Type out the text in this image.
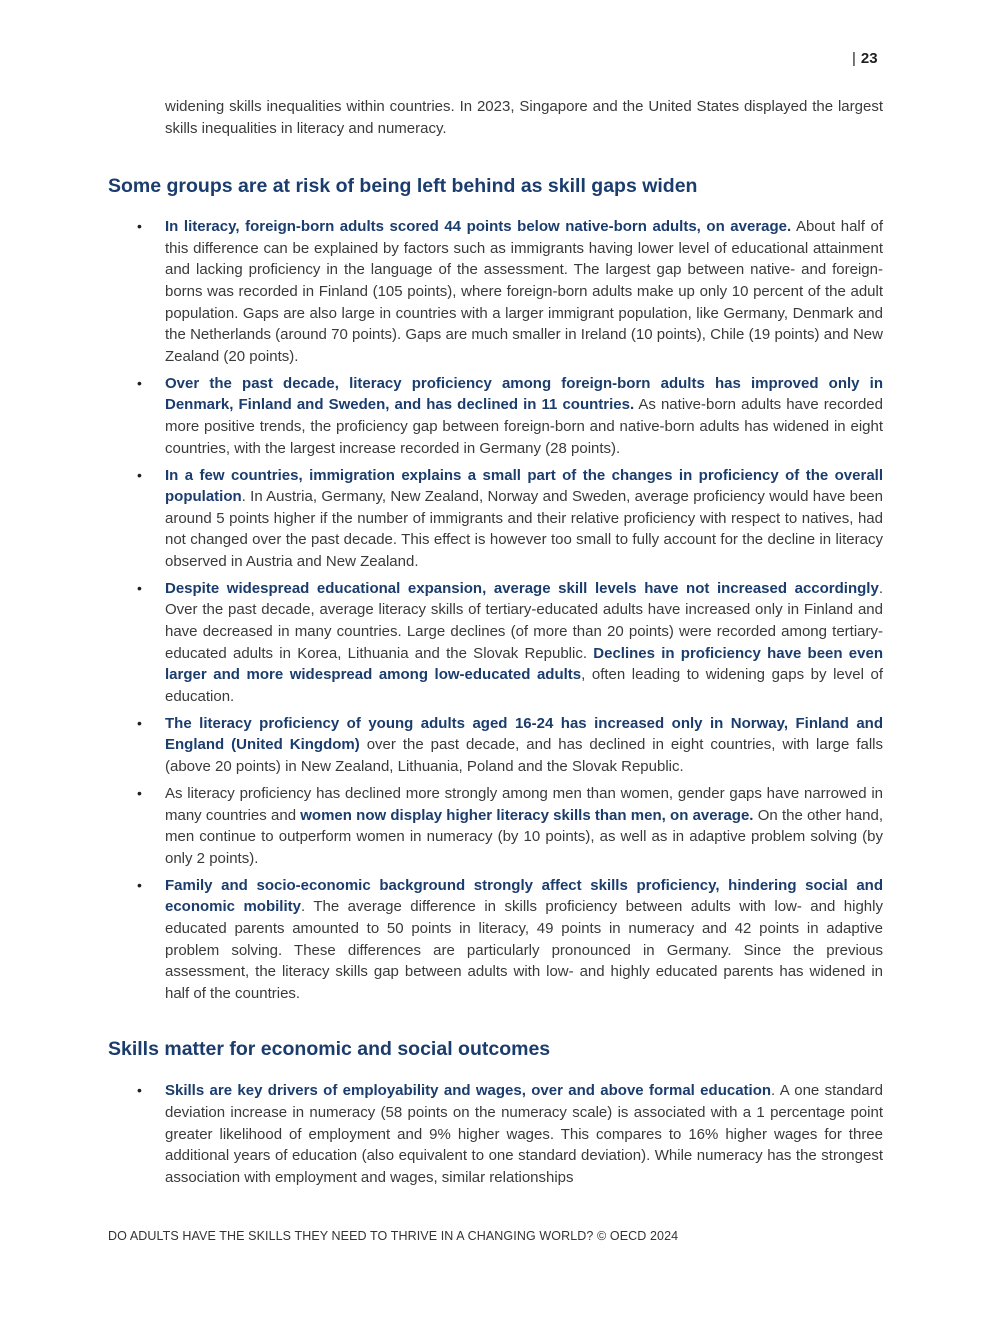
| 23

widening skills inequalities within countries. In 2023, Singapore and the United States displayed the largest skills inequalities in literacy and numeracy.

Some groups are at risk of being left behind as skill gaps widen
• In literacy, foreign-born adults scored 44 points below native-born adults, on average. About half of this difference can be explained by factors such as immigrants having lower level of educational attainment and lacking proficiency in the language of the assessment. The largest gap between native- and foreign-borns was recorded in Finland (105 points), where foreign-born adults make up only 10 percent of the adult population. Gaps are also large in countries with a larger immigrant population, like Germany, Denmark and the Netherlands (around 70 points). Gaps are much smaller in Ireland (10 points), Chile (19 points) and New Zealand (20 points).
• Over the past decade, literacy proficiency among foreign-born adults has improved only in Denmark, Finland and Sweden, and has declined in 11 countries. As native-born adults have recorded more positive trends, the proficiency gap between foreign-born and native-born adults has widened in eight countries, with the largest increase recorded in Germany (28 points).
• In a few countries, immigration explains a small part of the changes in proficiency of the overall population. In Austria, Germany, New Zealand, Norway and Sweden, average proficiency would have been around 5 points higher if the number of immigrants and their relative proficiency with respect to natives, had not changed over the past decade. This effect is however too small to fully account for the decline in literacy observed in Austria and New Zealand.
• Despite widespread educational expansion, average skill levels have not increased accordingly. Over the past decade, average literacy skills of tertiary-educated adults have increased only in Finland and have decreased in many countries. Large declines (of more than 20 points) were recorded among tertiary-educated adults in Korea, Lithuania and the Slovak Republic. Declines in proficiency have been even larger and more widespread among low-educated adults, often leading to widening gaps by level of education.
• The literacy proficiency of young adults aged 16-24 has increased only in Norway, Finland and England (United Kingdom) over the past decade, and has declined in eight countries, with large falls (above 20 points) in New Zealand, Lithuania, Poland and the Slovak Republic.
• As literacy proficiency has declined more strongly among men than women, gender gaps have narrowed in many countries and women now display higher literacy skills than men, on average. On the other hand, men continue to outperform women in numeracy (by 10 points), as well as in adaptive problem solving (by only 2 points).
• Family and socio-economic background strongly affect skills proficiency, hindering social and economic mobility. The average difference in skills proficiency between adults with low- and highly educated parents amounted to 50 points in literacy, 49 points in numeracy and 42 points in adaptive problem solving. These differences are particularly pronounced in Germany. Since the previous assessment, the literacy skills gap between adults with low- and highly educated parents has widened in half of the countries.
Skills matter for economic and social outcomes
• Skills are key drivers of employability and wages, over and above formal education. A one standard deviation increase in numeracy (58 points on the numeracy scale) is associated with a 1 percentage point greater likelihood of employment and 9% higher wages. This compares to 16% higher wages for three additional years of education (also equivalent to one standard deviation). While numeracy has the strongest association with employment and wages, similar relationships
DO ADULTS HAVE THE SKILLS THEY NEED TO THRIVE IN A CHANGING WORLD? © OECD 2024
